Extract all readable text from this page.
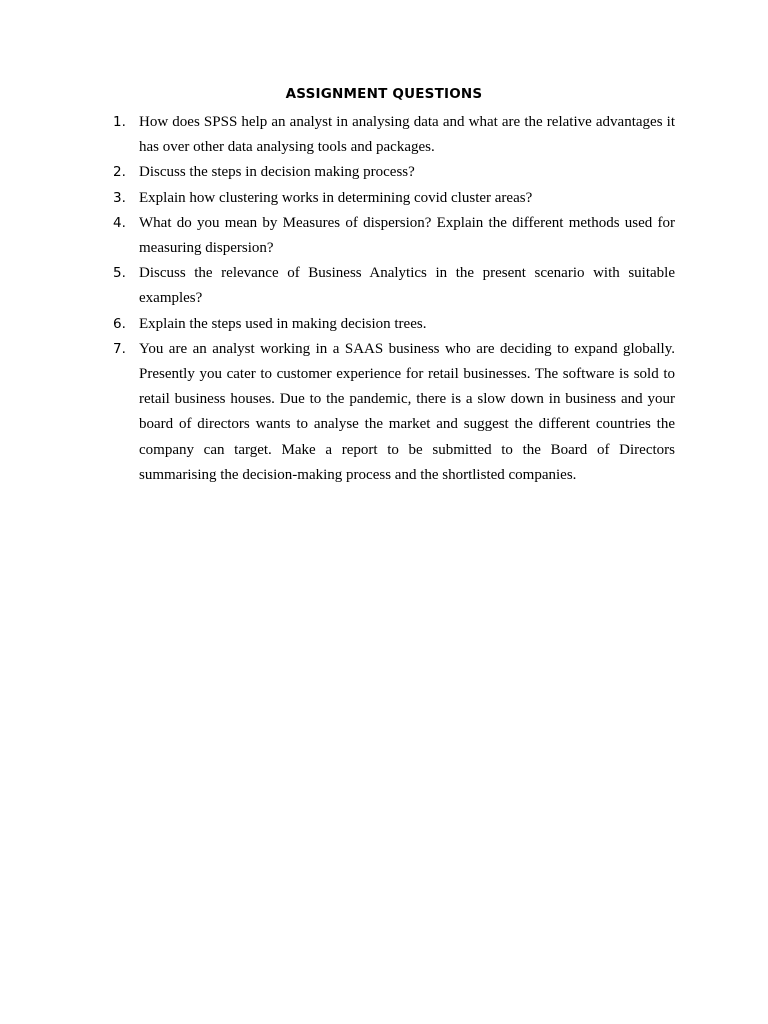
ASSIGNMENT QUESTIONS
1. How does SPSS help an analyst in analysing data and what are the relative advantages it has over other data analysing tools and packages.
2. Discuss the steps in decision making process?
3. Explain how clustering works in determining covid cluster areas?
4. What do you mean by Measures of dispersion? Explain the different methods used for measuring dispersion?
5. Discuss the relevance of Business Analytics in the present scenario with suitable examples?
6. Explain the steps used in making decision trees.
7. You are an analyst working in a SAAS business who are deciding to expand globally. Presently you cater to customer experience for retail businesses. The software is sold to retail business houses. Due to the pandemic, there is a slow down in business and your board of directors wants to analyse the market and suggest the different countries the company can target. Make a report to be submitted to the Board of Directors summarising the decision-making process and the shortlisted companies.
